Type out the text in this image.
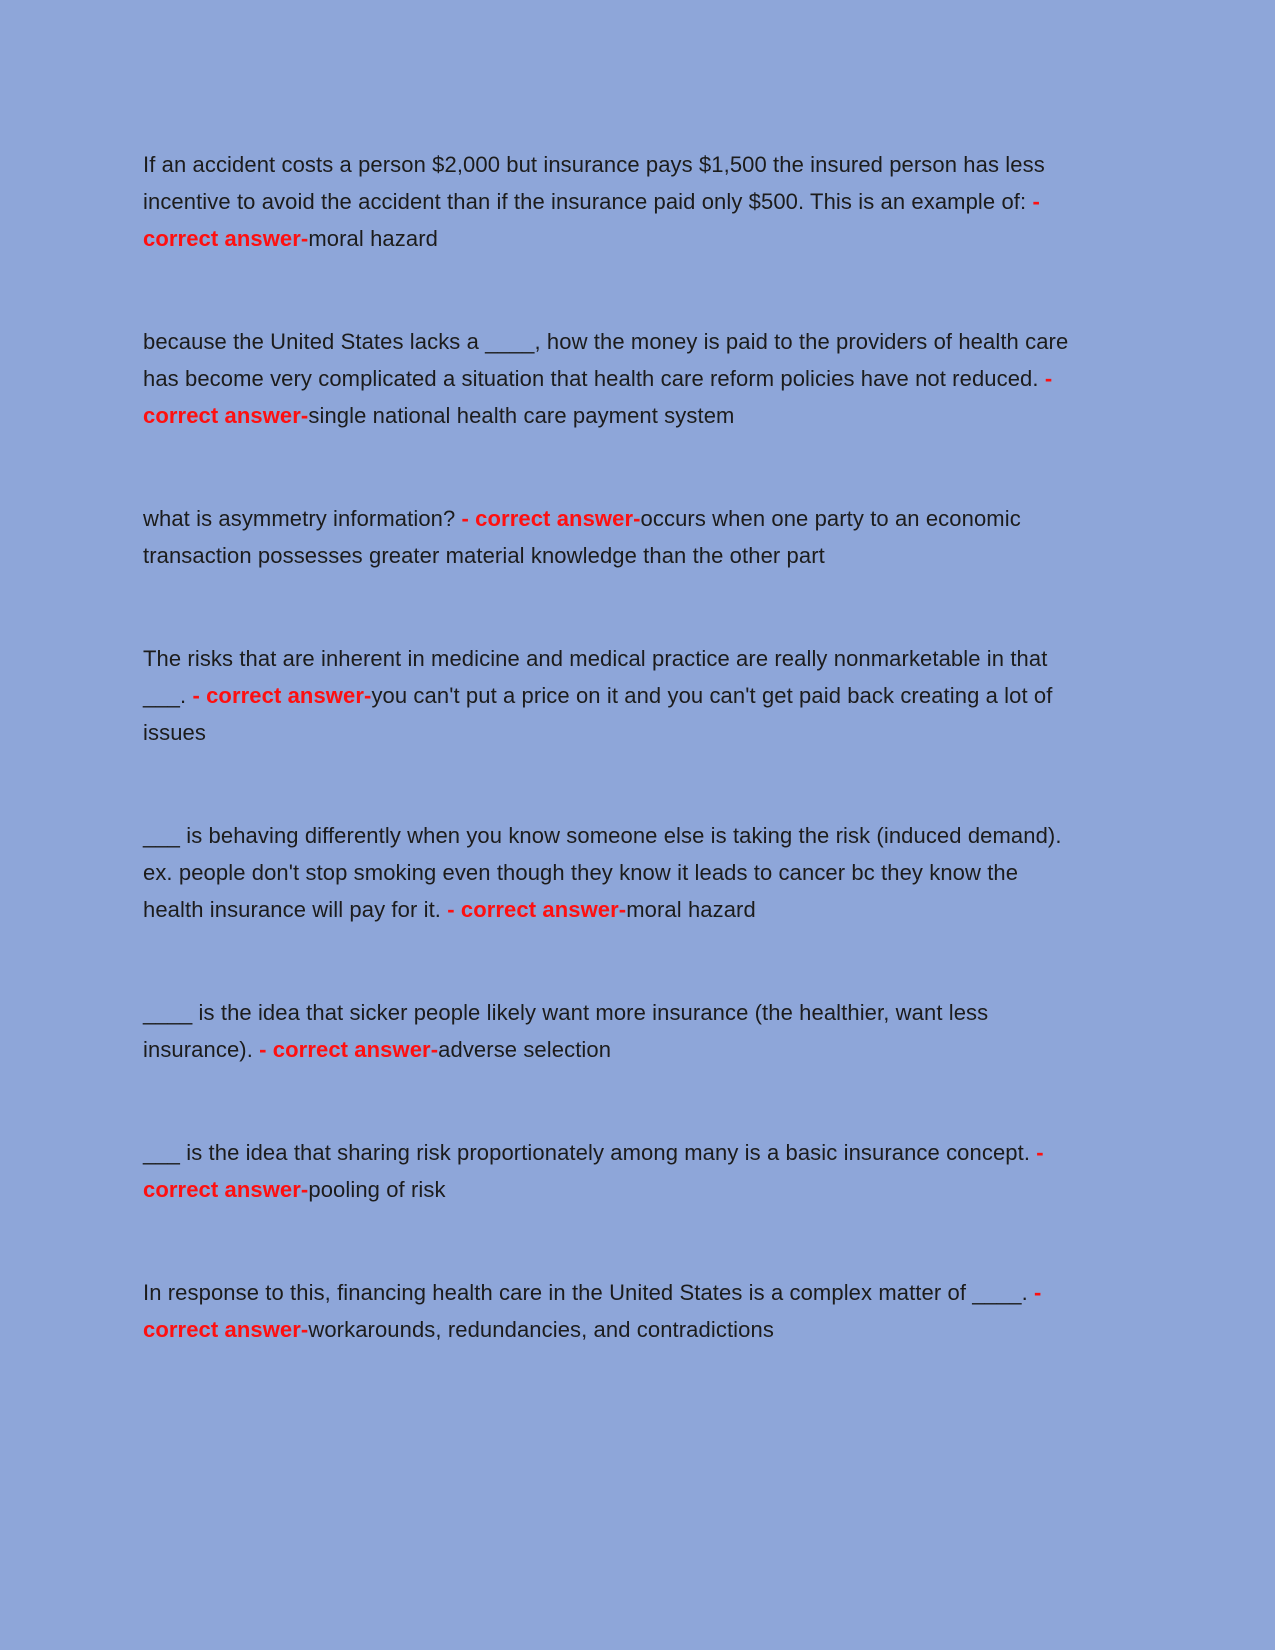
If an accident costs a person $2,000 but insurance pays $1,500 the insured person has less incentive to avoid the accident than if the insurance paid only $500. This is an example of: - correct answer-moral hazard

because the United States lacks a ____, how the money is paid to the providers of health care has become very complicated a situation that health care reform policies have not reduced. - correct answer-single national health care payment system

what is asymmetry information? - correct answer-occurs when one party to an economic transaction possesses greater material knowledge than the other part

The risks that are inherent in medicine and medical practice are really nonmarketable in that ___. - correct answer-you can't put a price on it and you can't get paid back creating a lot of issues

___ is behaving differently when you know someone else is taking the risk (induced demand). ex. people don't stop smoking even though they know it leads to cancer bc they know the health insurance will pay for it. - correct answer-moral hazard

____ is the idea that sicker people likely want more insurance (the healthier, want less insurance). - correct answer-adverse selection

___ is the idea that sharing risk proportionately among many is a basic insurance concept. - correct answer-pooling of risk

In response to this, financing health care in the United States is a complex matter of ____. - correct answer-workarounds, redundancies, and contradictions
